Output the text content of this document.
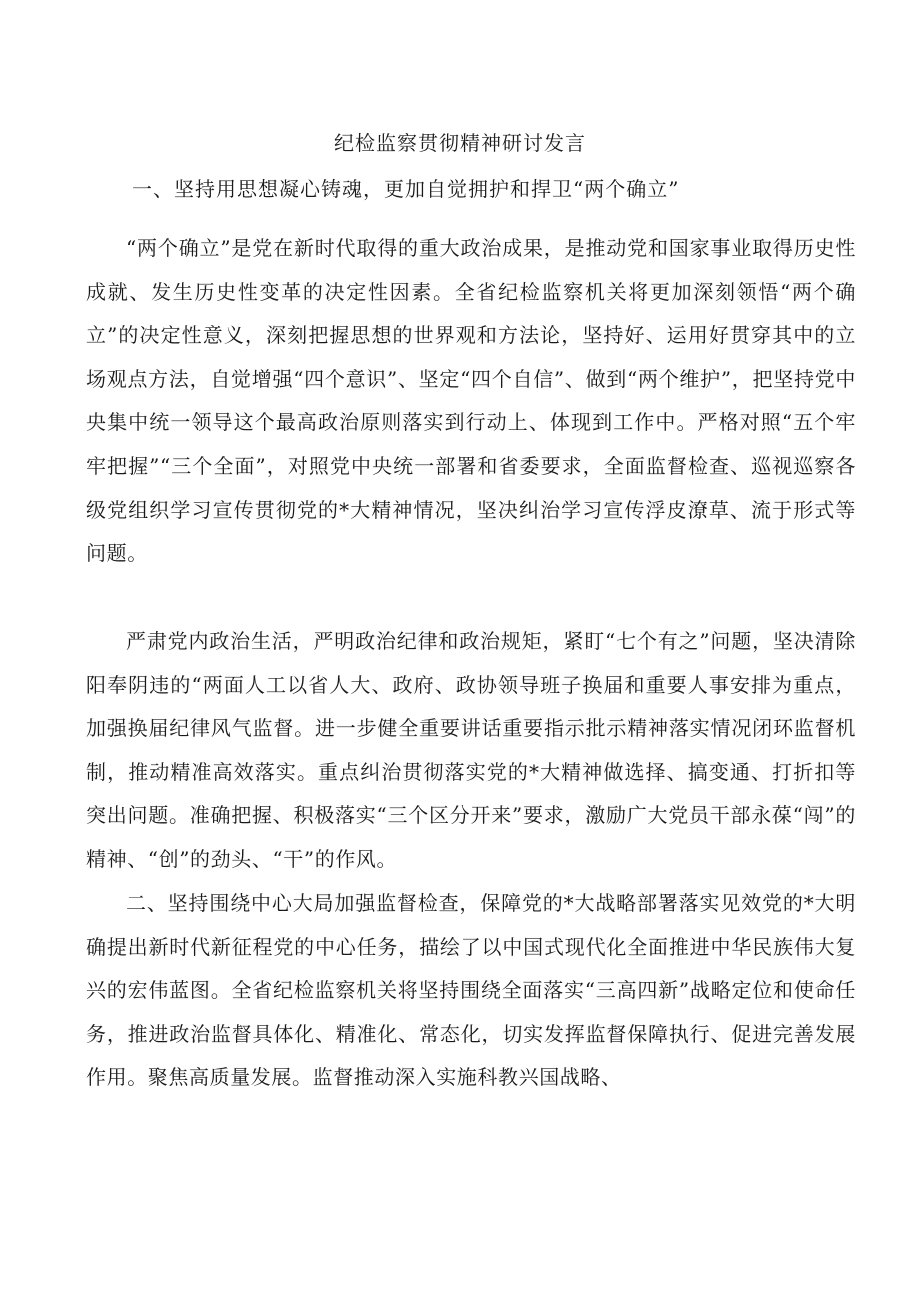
纪检监察贯彻精神研讨发言
一、坚持用思想凝心铸魂，更加自觉拥护和捍卫“两个确立”

“两个确立”是党在新时代取得的重大政治成果，是推动党和国家事业取得历史性成就、发生历史性变革的决定性因素。全省纪检监察机关将更加深刻领悟“两个确立”的决定性意义，深刻把握思想的世界观和方法论，坚持好、运用好贯穿其中的立场观点方法，自觉增强“四个意识”、坚定“四个自信”、做到“两个维护”，把坚持党中央集中统一领导这个最高政治原则落实到行动上、体现到工作中。严格对照“五个牢牢把握”“三个全面”，对照党中央统一部署和省委要求，全面监督检查、巡视巡察各级党组织学习宣传贯彻党的*大精神情况，坚决纠治学习宣传浮皮潦草、流于形式等问题。

严肃党内政治生活，严明政治纪律和政治规矩，紧盯“七个有之”问题，坚决清除阳奉阴违的“两面人工以省人大、政府、政协领导班子换届和重要人事安排为重点，加强换届纪律风气监督。进一步健全重要讲话重要指示批示精神落实情况闭环监督机制，推动精准高效落实。重点纠治贯彻落实党的*大精神做选择、搞变通、打折扣等突出问题。准确把握、积极落实“三个区分开来”要求，激励广大党员干部永葆“闯”的精神、“创”的劲头、“干”的作风。

二、坚持围绕中心大局加强监督检查，保障党的*大战略部署落实见效党的*大明确提出新时代新征程党的中心任务，描绘了以中国式现代化全面推进中华民族伟大复兴的宏伟蓝图。全省纪检监察机关将坚持围绕全面落实“三高四新”战略定位和使命任务，推进政治监督具体化、精准化、常态化，切实发挥监督保障执行、促进完善发展作用。聚焦高质量发展。监督推动深入实施科教兴国战略、
